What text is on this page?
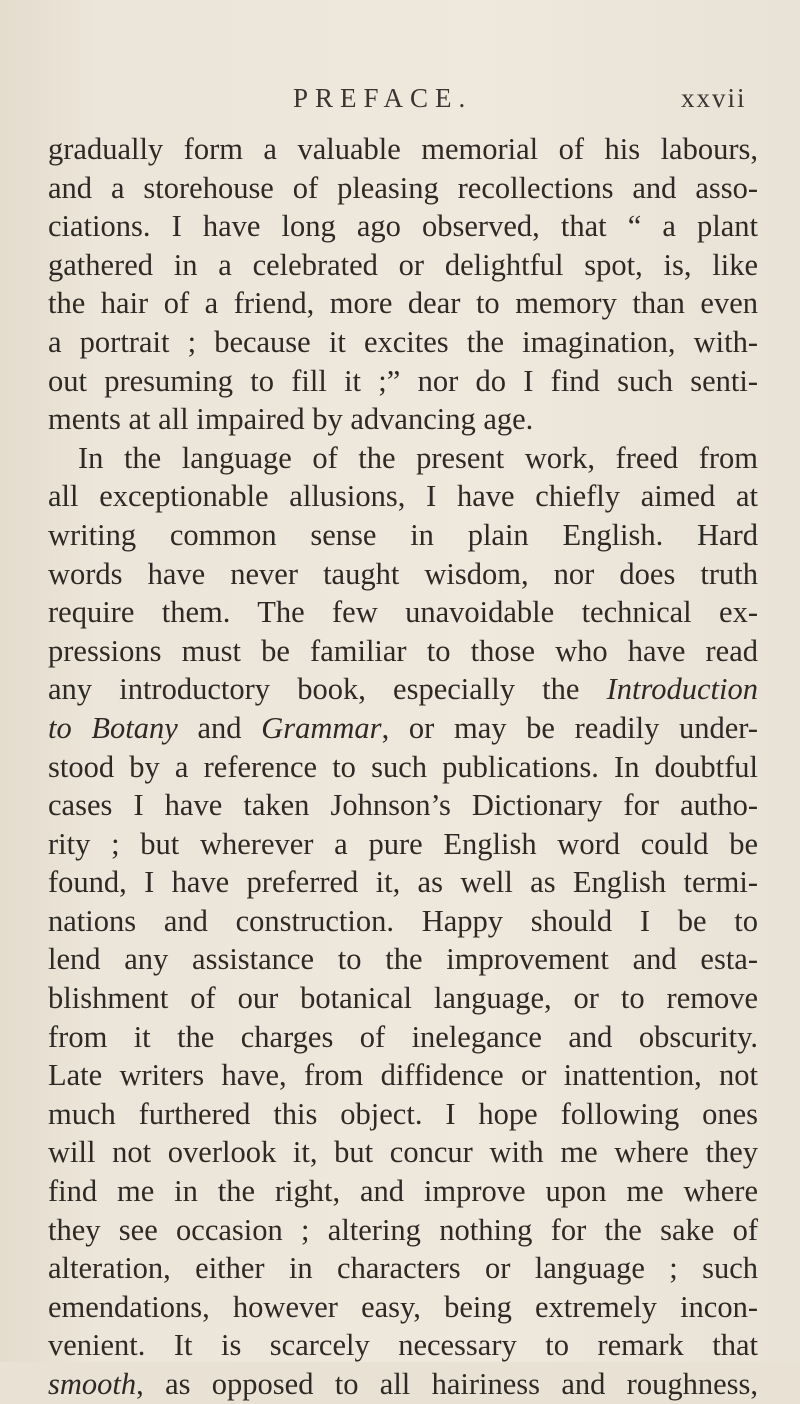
PREFACE.	xxvii
gradually form a valuable memorial of his labours,
and a storehouse of pleasing recollections and asso-
ciations. I have long ago observed, that “ a plant
gathered in a celebrated or delightful spot, is, like
the hair of a friend, more dear to memory than even
a portrait ; because it excites the imagination, with-
out presuming to fill it ;” nor do I find such senti-
ments at all impaired by advancing age.
In the language of the present work, freed from
all exceptionable allusions, I have chiefly aimed at
writing common sense in plain English. Hard
words have never taught wisdom, nor does truth
require them. The few unavoidable technical ex-
pressions must be familiar to those who have read
any introductory book, especially the Introduction
to Botany and Grammar, or may be readily under-
stood by a reference to such publications. In doubtful
cases I have taken Johnson’s Dictionary for autho-
rity ; but wherever a pure English word could be
found, I have preferred it, as well as English termi-
nations and construction. Happy should I be to
lend any assistance to the improvement and esta-
blishment of our botanical language, or to remove
from it the charges of inelegance and obscurity.
Late writers have, from diffidence or inattention, not
much furthered this object. I hope following ones
will not overlook it, but concur with me where they
find me in the right, and improve upon me where
they see occasion ; altering nothing for the sake of
alteration, either in characters or language ; such
emendations, however easy, being extremely incon-
venient. It is scarcely necessary to remark that
smooth, as opposed to all hairiness and roughness,
